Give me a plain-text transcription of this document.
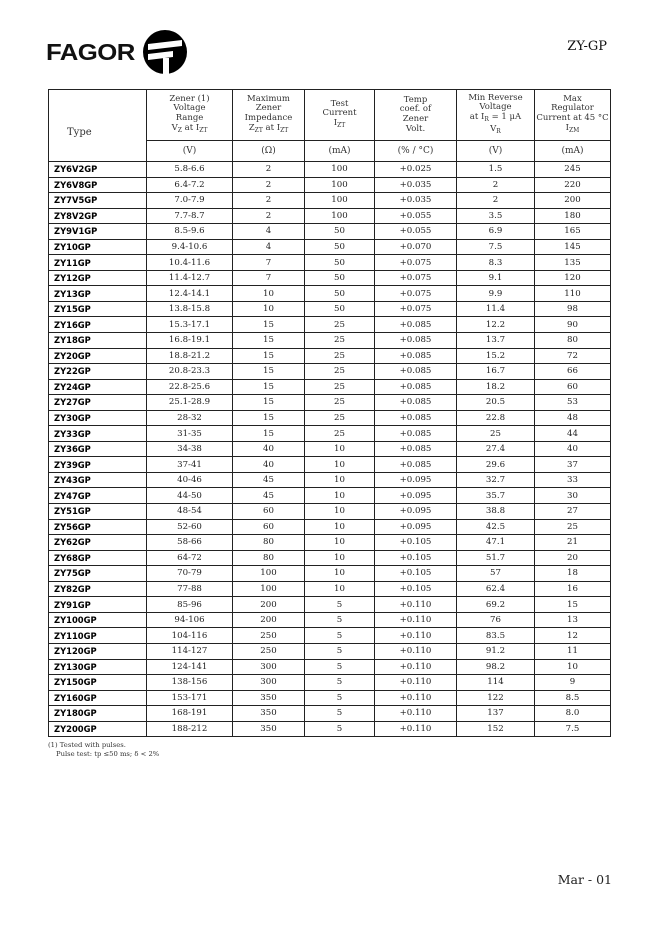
FAGOR	ZY-GP
Type	Zener (1)
Voltage
Range
$V_Z$ at $I_{ZT}$	Maximum
Zener
Impedance
$Z_{ZT}$ at $I_{ZT}$	Test
Current
$I_{ZT}$	Temp
coef. of
Zener
Volt.	Min Reverse
Voltage
at $I_R = 1$ μA
$V_R$	Max
Regulator
Current at 45 °C
$I_{ZM}$
	(V)	(Ω)	(mA)	(% / °C)	(V)	(mA)
ZY6V2GP	5.8-6.6	2	100	+0.025	1.5	245
ZY6V8GP	6.4-7.2	2	100	+0.035	2	220
ZY7V5GP	7.0-7.9	2	100	+0.035	2	200
ZY8V2GP	7.7-8.7	2	100	+0.055	3.5	180
ZY9V1GP	8.5-9.6	4	50	+0.055	6.9	165
ZY10GP	9.4-10.6	4	50	+0.070	7.5	145
ZY11GP	10.4-11.6	7	50	+0.075	8.3	135
ZY12GP	11.4-12.7	7	50	+0.075	9.1	120
ZY13GP	12.4-14.1	10	50	+0.075	9.9	110
ZY15GP	13.8-15.8	10	50	+0.075	11.4	98
ZY16GP	15.3-17.1	15	25	+0.085	12.2	90
ZY18GP	16.8-19.1	15	25	+0.085	13.7	80
ZY20GP	18.8-21.2	15	25	+0.085	15.2	72
ZY22GP	20.8-23.3	15	25	+0.085	16.7	66
ZY24GP	22.8-25.6	15	25	+0.085	18.2	60
ZY27GP	25.1-28.9	15	25	+0.085	20.5	53
ZY30GP	28-32	15	25	+0.085	22.8	48
ZY33GP	31-35	15	25	+0.085	25	44
ZY36GP	34-38	40	10	+0.085	27.4	40
ZY39GP	37-41	40	10	+0.085	29.6	37
ZY43GP	40-46	45	10	+0.095	32.7	33
ZY47GP	44-50	45	10	+0.095	35.7	30
ZY51GP	48-54	60	10	+0.095	38.8	27
ZY56GP	52-60	60	10	+0.095	42.5	25
ZY62GP	58-66	80	10	+0.105	47.1	21
ZY68GP	64-72	80	10	+0.105	51.7	20
ZY75GP	70-79	100	10	+0.105	57	18
ZY82GP	77-88	100	10	+0.105	62.4	16
ZY91GP	85-96	200	5	+0.110	69.2	15
ZY100GP	94-106	200	5	+0.110	76	13
ZY110GP	104-116	250	5	+0.110	83.5	12
ZY120GP	114-127	250	5	+0.110	91.2	11
ZY130GP	124-141	300	5	+0.110	98.2	10
ZY150GP	138-156	300	5	+0.110	114	9
ZY160GP	153-171	350	5	+0.110	122	8.5
ZY180GP	168-191	350	5	+0.110	137	8.0
ZY200GP	188-212	350	5	+0.110	152	7.5
(1) Tested with pulses.
Pulse test: tp ≤50 ms; δ < 2%
Mar - 01
